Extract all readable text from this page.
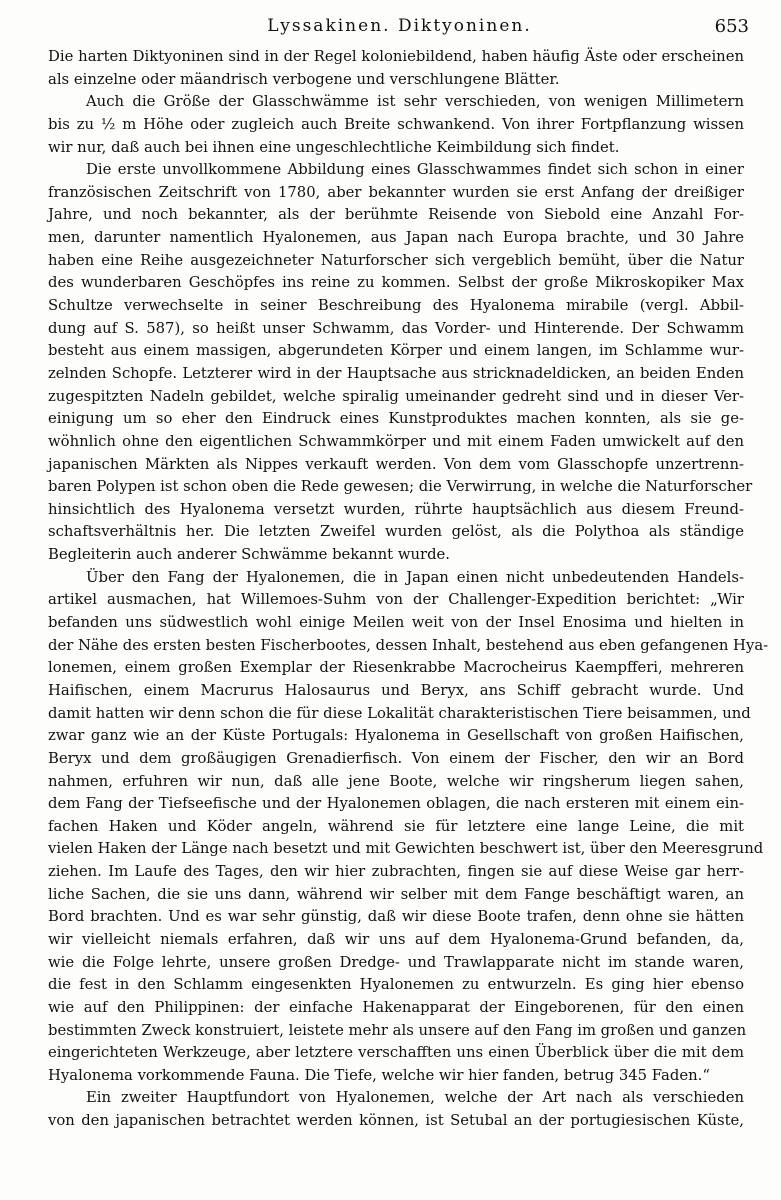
Lyssakinen. Diktyoninen.	653
Die harten Diktyoninen sind in der Regel koloniebildend, haben häufig Äste oder erscheinen
als einzelne oder mäandrisch verbogene und verschlungene Blätter.
Auch die Größe der Glasschwämme ist sehr verschieden, von wenigen Millimetern
bis zu ½ m Höhe oder zugleich auch Breite schwankend. Von ihrer Fortpflanzung wissen
wir nur, daß auch bei ihnen eine ungeschlechtliche Keimbildung sich findet.
Die erste unvollkommene Abbildung eines Glasschwammes findet sich schon in einer
französischen Zeitschrift von 1780, aber bekannter wurden sie erst Anfang der dreißiger
Jahre, und noch bekannter, als der berühmte Reisende von Siebold eine Anzahl For-
men, darunter namentlich Hyalonemen, aus Japan nach Europa brachte, und 30 Jahre
haben eine Reihe ausgezeichneter Naturforscher sich vergeblich bemüht, über die Natur
des wunderbaren Geschöpfes ins reine zu kommen. Selbst der große Mikroskopiker Max
Schultze verwechselte in seiner Beschreibung des Hyalonema mirabile (vergl. Abbil-
dung auf S. 587), so heißt unser Schwamm, das Vorder- und Hinterende. Der Schwamm
besteht aus einem massigen, abgerundeten Körper und einem langen, im Schlamme wur-
zelnden Schopfe. Letzterer wird in der Hauptsache aus stricknadeldicken, an beiden Enden
zugespitzten Nadeln gebildet, welche spiralig umeinander gedreht sind und in dieser Ver-
einigung um so eher den Eindruck eines Kunstproduktes machen konnten, als sie ge-
wöhnlich ohne den eigentlichen Schwammkörper und mit einem Faden umwickelt auf den
japanischen Märkten als Nippes verkauft werden. Von dem vom Glasschopfe unzertrenn-
baren Polypen ist schon oben die Rede gewesen; die Verwirrung, in welche die Naturforscher
hinsichtlich des Hyalonema versetzt wurden, rührte hauptsächlich aus diesem Freund-
schaftsverhältnis her. Die letzten Zweifel wurden gelöst, als die Polythoa als ständige
Begleiterin auch anderer Schwämme bekannt wurde.
Über den Fang der Hyalonemen, die in Japan einen nicht unbedeutenden Handels-
artikel ausmachen, hat Willemoes-Suhm von der Challenger-Expedition berichtet: „Wir
befanden uns südwestlich wohl einige Meilen weit von der Insel Enosima und hielten in
der Nähe des ersten besten Fischerbootes, dessen Inhalt, bestehend aus eben gefangenen Hya-
lonemen, einem großen Exemplar der Riesenkrabbe Macrocheirus Kaempfferi, mehreren
Haifischen, einem Macrurus Halosaurus und Beryx, ans Schiff gebracht wurde. Und
damit hatten wir denn schon die für diese Lokalität charakteristischen Tiere beisammen, und
zwar ganz wie an der Küste Portugals: Hyalonema in Gesellschaft von großen Haifischen,
Beryx und dem großäugigen Grenadierfisch. Von einem der Fischer, den wir an Bord
nahmen, erfuhren wir nun, daß alle jene Boote, welche wir ringsherum liegen sahen,
dem Fang der Tiefseefische und der Hyalonemen oblagen, die nach ersteren mit einem ein-
fachen Haken und Köder angeln, während sie für letztere eine lange Leine, die mit
vielen Haken der Länge nach besetzt und mit Gewichten beschwert ist, über den Meeresgrund
ziehen. Im Laufe des Tages, den wir hier zubrachten, fingen sie auf diese Weise gar herr-
liche Sachen, die sie uns dann, während wir selber mit dem Fange beschäftigt waren, an
Bord brachten. Und es war sehr günstig, daß wir diese Boote trafen, denn ohne sie hätten
wir vielleicht niemals erfahren, daß wir uns auf dem Hyalonema-Grund befanden, da,
wie die Folge lehrte, unsere großen Dredge- und Trawlapparate nicht im stande waren,
die fest in den Schlamm eingesenkten Hyalonemen zu entwurzeln. Es ging hier ebenso
wie auf den Philippinen: der einfache Hakenapparat der Eingeborenen, für den einen
bestimmten Zweck konstruiert, leistete mehr als unsere auf den Fang im großen und ganzen
eingerichteten Werkzeuge, aber letztere verschafften uns einen Überblick über die mit dem
Hyalonema vorkommende Fauna. Die Tiefe, welche wir hier fanden, betrug 345 Faden.“
Ein zweiter Hauptfundort von Hyalonemen, welche der Art nach als verschieden
von den japanischen betrachtet werden können, ist Setubal an der portugiesischen Küste,
